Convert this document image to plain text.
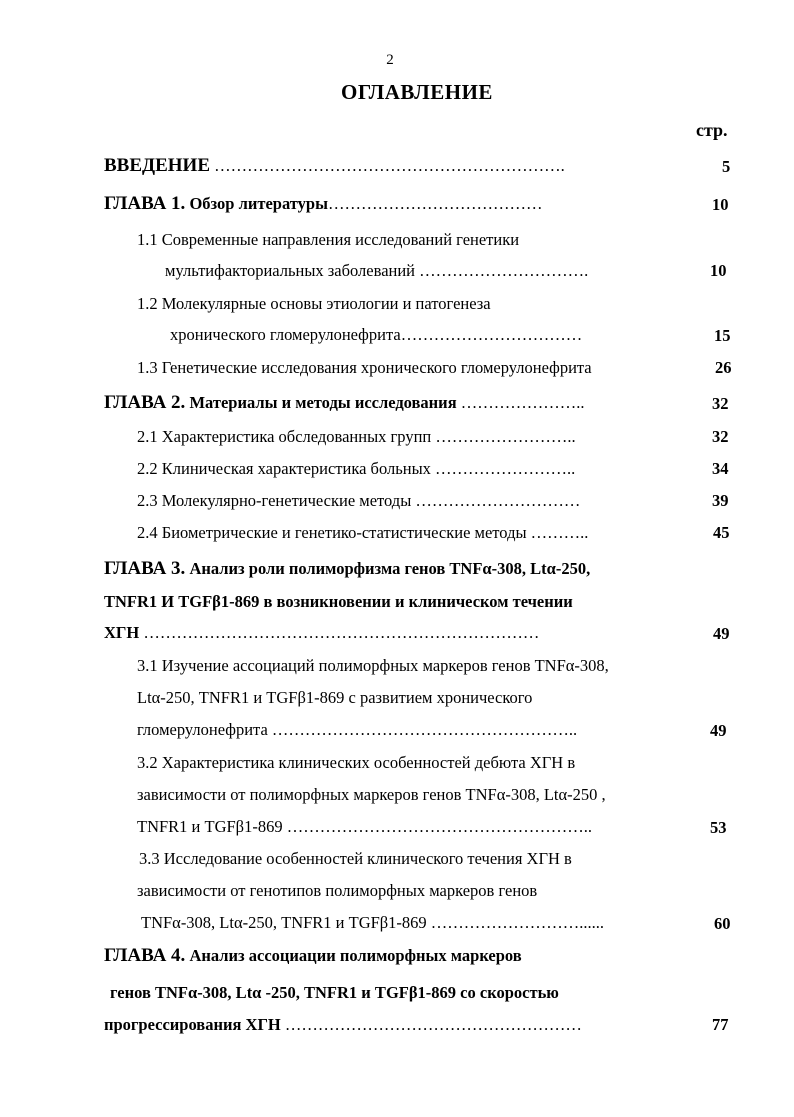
2
ОГЛАВЛЕНИЕ
стр.
ВВЕДЕНИЕ ……………………………………………………….	5
ГЛАВА 1. Обзор литературы…………………………………	10
1.1 Современные направления исследований генетики
мультифакториальных заболеваний ………………………….	10
1.2 Молекулярные основы этиологии и патогенеза
хронического гломерулонефрита……………………………	15
1.3 Генетические исследования хронического гломерулонефрита	26
ГЛАВА 2. Материалы и методы исследования …………………..	32
2.1 Характеристика обследованных групп ……………………..	32
2.2 Клиническая характеристика больных ……………………..	34
2.3 Молекулярно-генетические методы …………………………	39
2.4 Биометрические и генетико-статистические методы ………..	45
ГЛАВА 3. Анализ роли полиморфизма генов TNFα-308, Ltα-250,
TNFR1 И TGFβ1-869 в возникновении и клиническом течении
ХГН ………………………………………………………………	49
3.1 Изучение ассоциаций полиморфных маркеров генов TNFα-308,
Ltα-250, TNFR1 и TGFβ1-869 с развитием хронического
гломерулонефрита ………………………………………………..	49
3.2 Характеристика клинических особенностей дебюта ХГН в
зависимости от полиморфных маркеров генов TNFα-308, Ltα-250 ,
TNFR1 и TGFβ1-869 ………………………………………………..	53
3.3 Исследование особенностей клинического течения ХГН в
зависимости от генотипов полиморфных маркеров генов
TNFα-308, Ltα-250, TNFR1 и TGFβ1-869 ………………………......	60
ГЛАВА 4. Анализ ассоциации полиморфных маркеров
генов TNFα-308, Ltα -250, TNFR1 и TGFβ1-869 со скоростью
прогрессирования ХГН ………………………………………………	77
